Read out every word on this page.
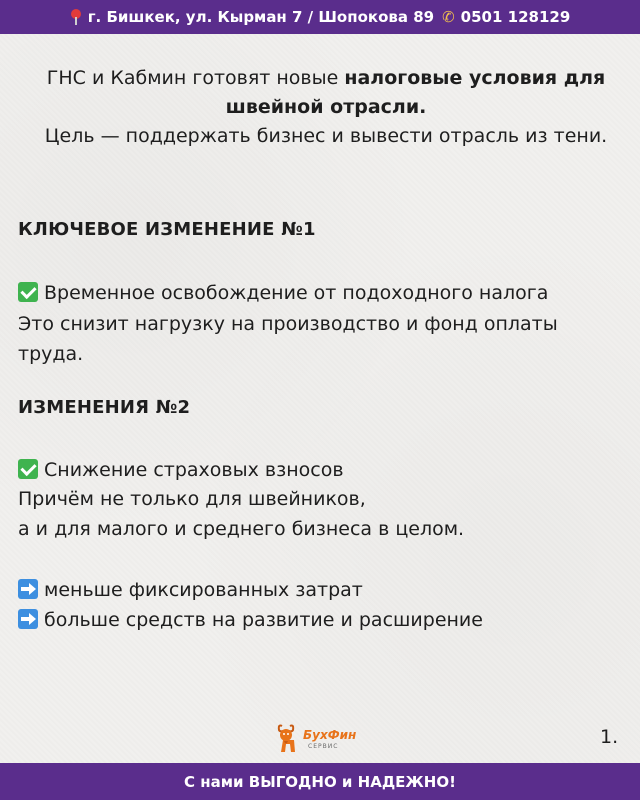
г. Бишкек, ул. Кырман 7 / Шопокова 89 ✆ 0501 128129
ГНС и Кабмин готовят новые налоговые условия для швейной отрасли.
Цель — поддержать бизнес и вывести отрасль из тени.
КЛЮЧЕВОЕ ИЗМЕНЕНИЕ №1
Временное освобождение от подоходного налога
Это снизит нагрузку на производство и фонд оплаты
труда.
ИЗМЕНЕНИЯ №2
Снижение страховых взносов
Причём не только для швейников,
а и для малого и среднего бизнеса в целом.
меньше фиксированных затрат
больше средств на развитие и расширение
БухФин
СЕРВИС	1.
С нами ВЫГОДНО и НАДЕЖНО!
